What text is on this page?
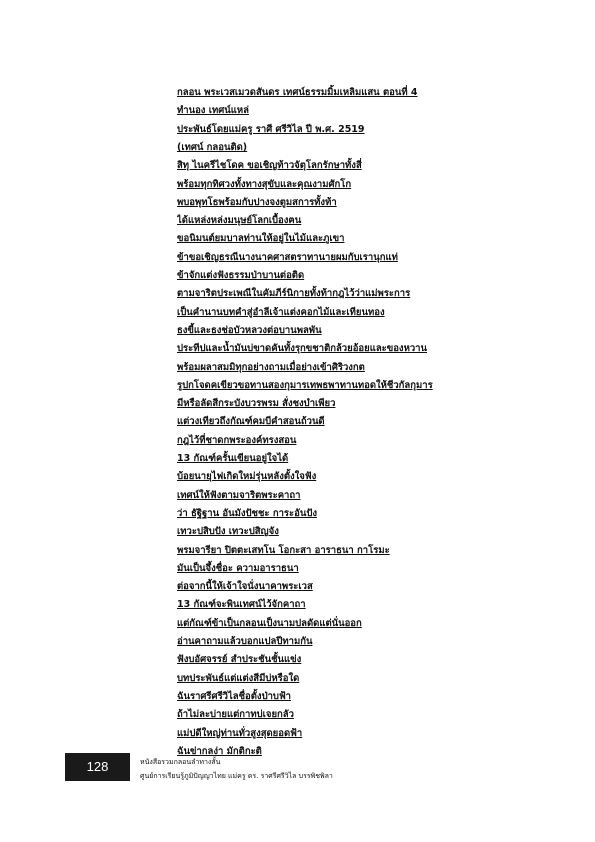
กลอน พระเวสเมวดสันดร เทศน์ธรรมมิ้มเหลิมแสน ตอนที่ 4
ทำนอง เทศน์แหล่
ประพันธ์โดยแม่ครู ราศี ศรีวิไล ปี พ.ศ. 2519
(เทศน์ กลอนติด)
สิทุ ไนครีไชโดค ขอเชิญท้าวจัตุโลกรักษาทั้งสี่
พร้อมทุกทิศวงทั้งทางสุขับและคุณงามศักโก
พบอพุทโธพร้อมกับปางจงตูมสการทั้งท้า
ได้แหล่งหล่งมนุษย์โลกเบื้องฅน
ขอนิมนต์ยมบาลท่านให้อยู่ในไม้และภูเขา
ข้าขอเชิญธรณีนางนาคศาสตราทานายผมกับเรานุกแท่
ข้าจักแต่งฟังธรรมป่าบานต่อติด
ตามจาริตประเพณีในคัมภีร์นิกายทั้งท้ากฎไว้ว่าแม่พระการ
เป็นคำนานบทคำสู่อำลีเจ้าแต่งคอกไม้และเทียนทอง
ธงขี้และธงช่อบัวหลวงต่อบานพลพัน
ประทีปและน้ำมันบ่ขาดคันทั้งรุกขชาติกล้วยอ้อยและของหวาน
พร้อมผลาสมมิทุกอย่างถามเมื่อย่างเข้าศิริวงกต
รูปกโจดคเขียวขอทานสองกุมารเทพธพาทานทอดให้ชีวกัลกุมาร
มีหรือลัดสีกระบังบวรพรม สั่งชงบำเพียว
แต่วงเทียวถึงกัณฑ์คมบีคำสอนถ้วนดี
กฎไว้ที่ชาดกพระองค์ทรงสอน
13 กัณฑ์ครั้นเขียนอยู่ใจได้
บ้อยนายุไฟเกิดใหม่รุ่นหลังตั้งใจฟัง
เทศน์ให้ฟังตามจาริตพระคาถา
ว่า ธัฐิฐาน อันมังปัชชะ การะอันปัง
เทวะปสิบปัง เทวะปสิญจัง
พรมจารียา ปิตตะเสทโน โอกะสา อาราธนา กาโรมะ
มันเป็นจึ้งชื่อะ ความอาราธนา
ต่อจากนี้ให้เจ้าใจนั่งนาคาพระเวส
13 กัณฑ์จะพินเทศน์ไว้จักคาถา
แต่กัณฑ์ข้าเป็นกลอนเป็งนามปลดัดแต่นั่นออก
อ่านคาถามแล้วบอกแปลปีทามกัน
ฟังบอัศจรรย์ สำประชันชั้นแข่ง
บทประพันธ์แต่แต่งสีมีบ่หรือใด
ฉันราศรีศรีวิไลชื่อตั้งป่าบฟ้า
ถ้าไม่ละบ่ายแต่กาทบ่เจยกลัว
แม่ปดีใหญ่ท่านทั่วสูงสุดยอดฟ้า
ฉันข่ากลง่า มักติกะติ
128	หนังสือรวมกลอนลำทางสั้น
ศูนย์การเรียนรู้ภูมิปัญญาไทย แม่ครู ดร. ราศรีศรีวิไล บรรพิชพิลา
